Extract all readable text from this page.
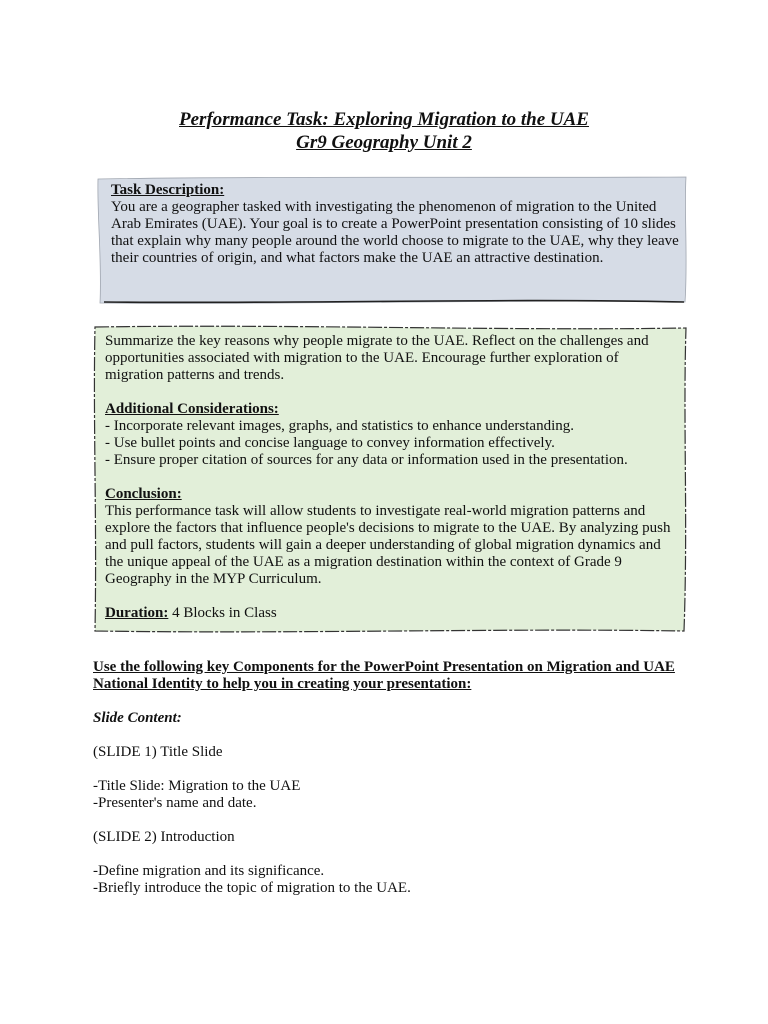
Performance Task: Exploring Migration to the UAE
Gr9 Geography Unit 2
Task Description:

You are a geographer tasked with investigating the phenomenon of migration to the United Arab Emirates (UAE). Your goal is to create a PowerPoint presentation consisting of 10 slides that explain why many people around the world choose to migrate to the UAE, why they leave their countries of origin, and what factors make the UAE an attractive destination.

Summarize the key reasons why people migrate to the UAE. Reflect on the challenges and opportunities associated with migration to the UAE. Encourage further exploration of migration patterns and trends.

Additional Considerations:
- Incorporate relevant images, graphs, and statistics to enhance understanding.
- Use bullet points and concise language to convey information effectively.
- Ensure proper citation of sources for any data or information used in the presentation.
Conclusion:

This performance task will allow students to investigate real-world migration patterns and explore the factors that influence people's decisions to migrate to the UAE. By analyzing push and pull factors, students will gain a deeper understanding of global migration dynamics and the unique appeal of the UAE as a migration destination within the context of Grade 9 Geography in the MYP Curriculum.

Duration: 4 Blocks in Class
Use the following key Components for the PowerPoint Presentation on Migration and UAE National Identity to help you in creating your presentation:
Slide Content:
(SLIDE 1) Title Slide
-Title Slide: Migration to the UAE
-Presenter's name and date.
(SLIDE 2) Introduction
-Define migration and its significance.
-Briefly introduce the topic of migration to the UAE.
